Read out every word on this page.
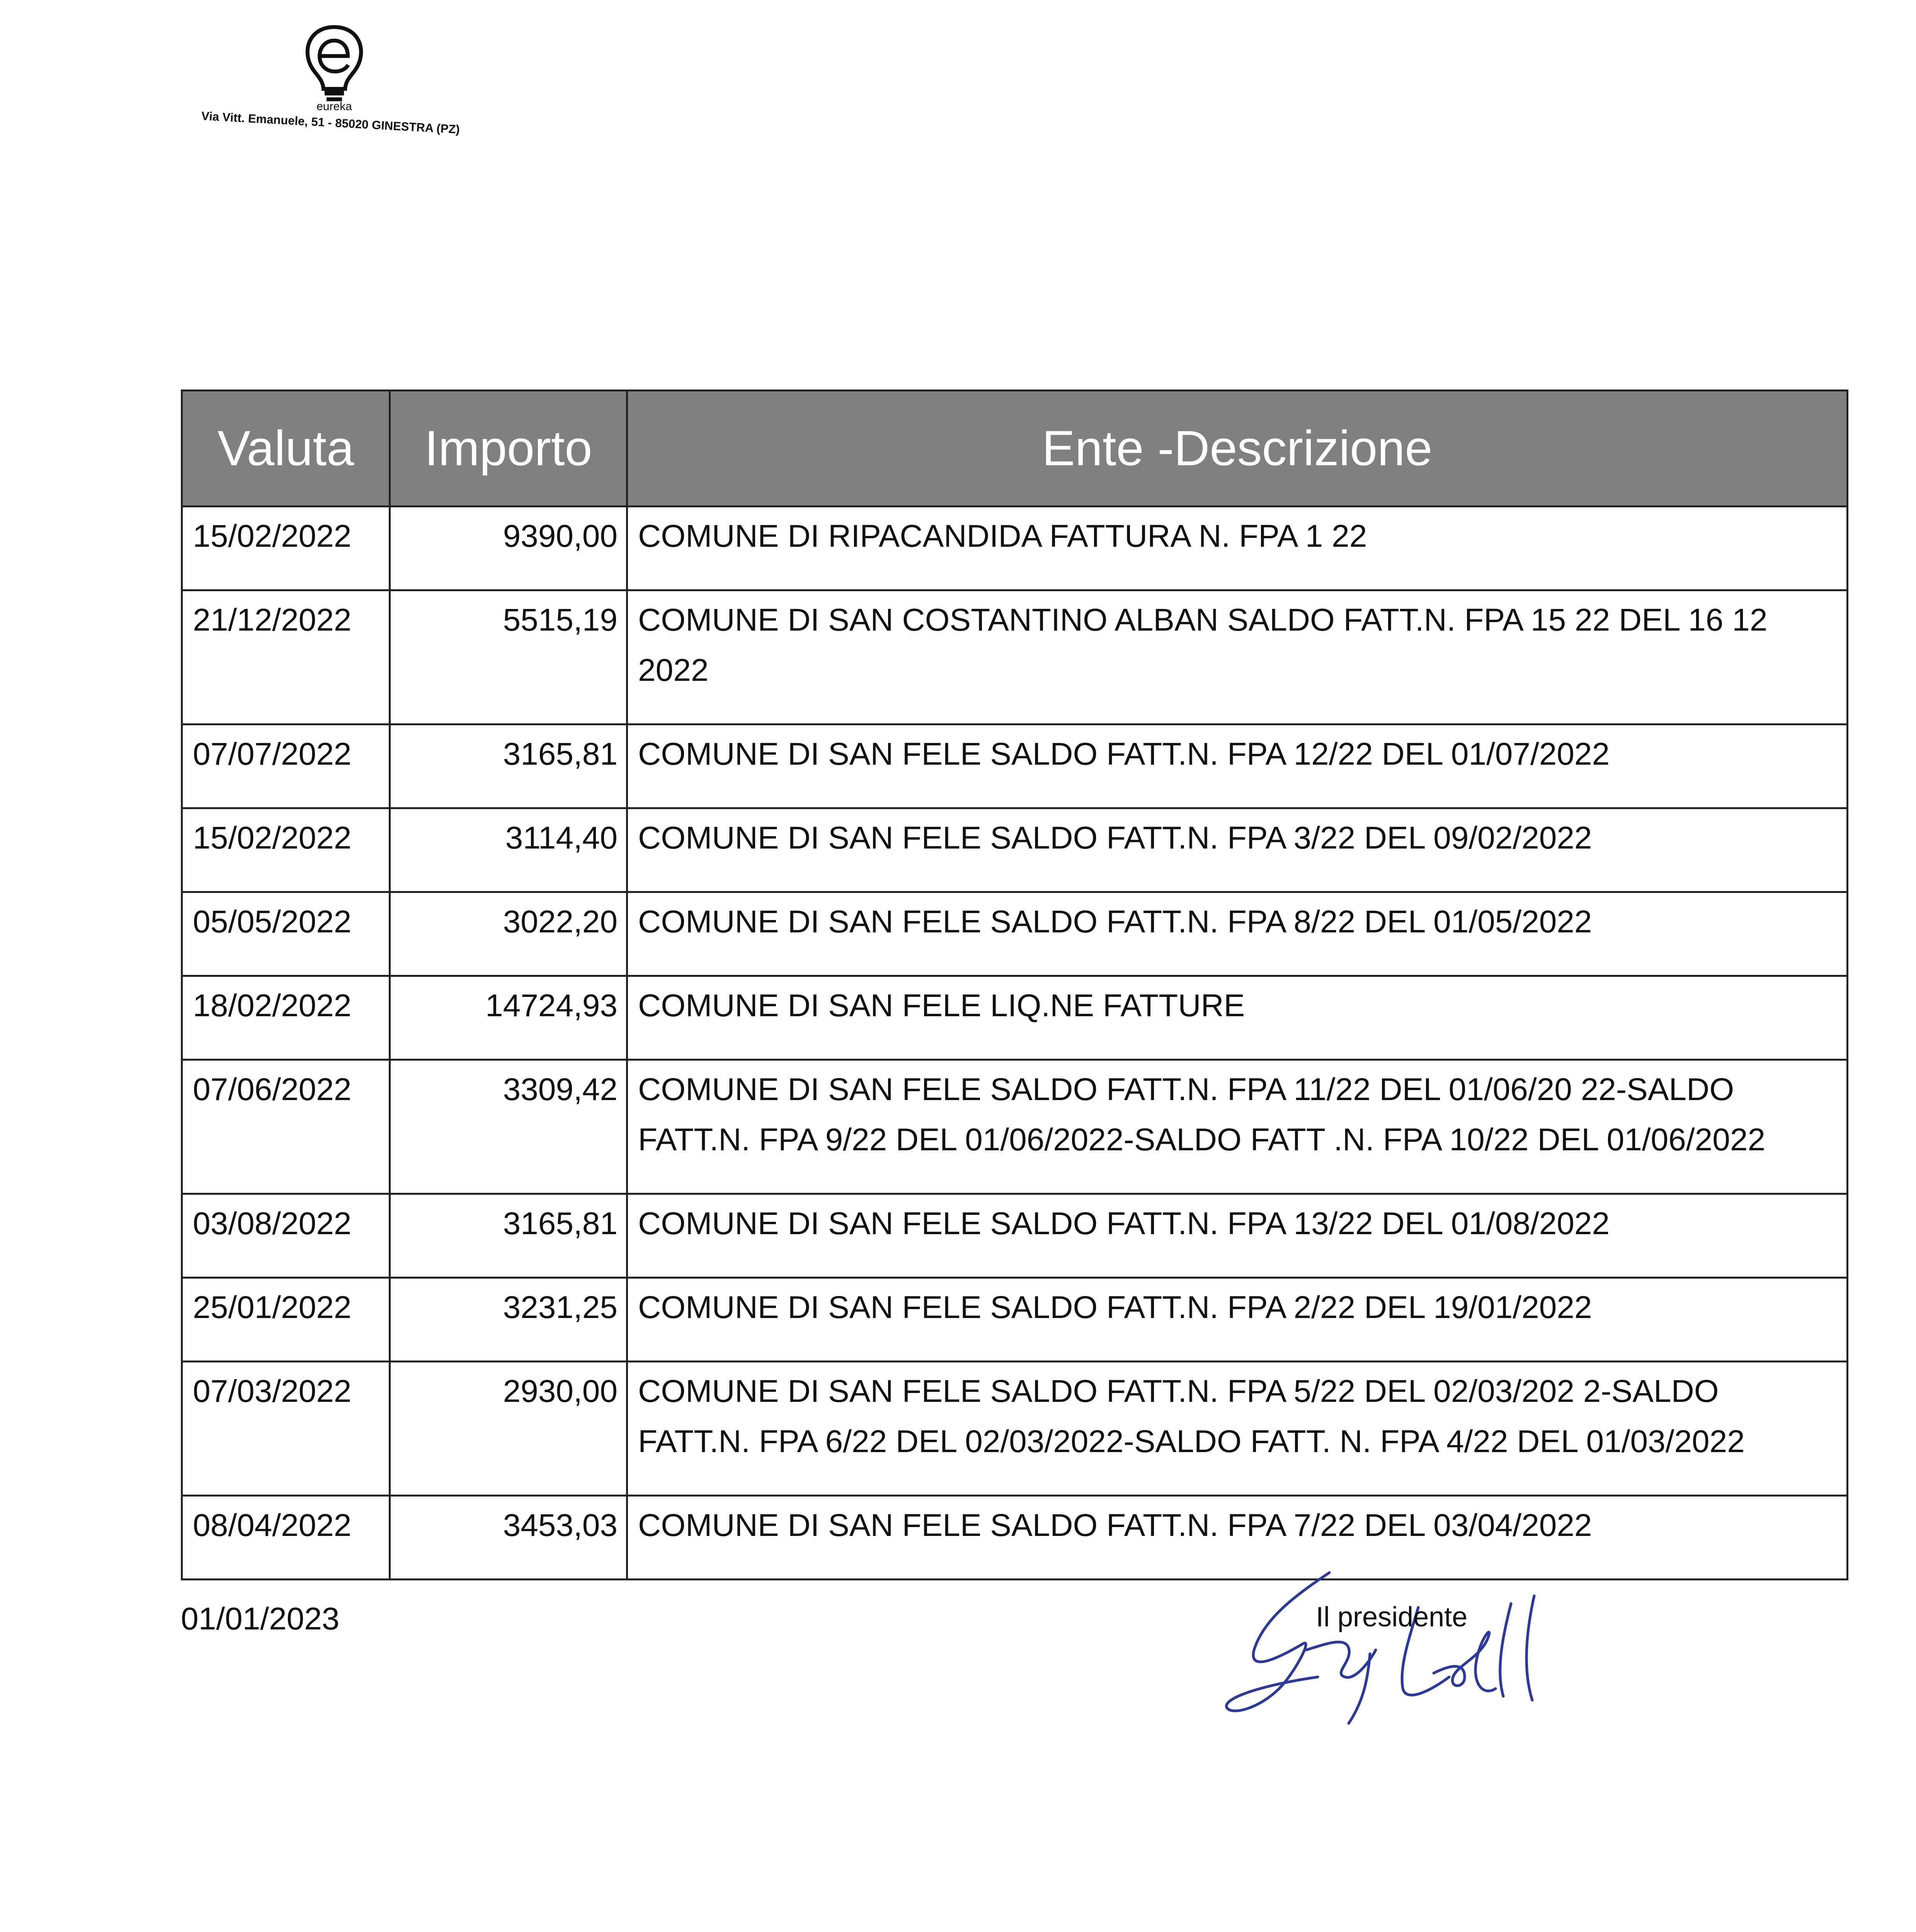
eureka
Via Vitt. Emanuele, 51 - 85020 GINESTRA (PZ)
Valuta	Importo	Ente -Descrizione
15/02/2022	9390,00	COMUNE DI RIPACANDIDA FATTURA N. FPA 1 22
21/12/2022	5515,19	COMUNE DI SAN COSTANTINO ALBAN SALDO FATT.N. FPA 15 22 DEL 16 12 2022
07/07/2022	3165,81	COMUNE DI SAN FELE SALDO FATT.N. FPA 12/22 DEL 01/07/2022
15/02/2022	3114,40	COMUNE DI SAN FELE SALDO FATT.N. FPA 3/22 DEL 09/02/2022
05/05/2022	3022,20	COMUNE DI SAN FELE SALDO FATT.N. FPA 8/22 DEL 01/05/2022
18/02/2022	14724,93	COMUNE DI SAN FELE LIQ.NE FATTURE
07/06/2022	3309,42	COMUNE DI SAN FELE SALDO FATT.N. FPA 11/22 DEL 01/06/20 22-SALDO FATT.N. FPA 9/22 DEL 01/06/2022-SALDO FATT .N. FPA 10/22 DEL 01/06/2022
03/08/2022	3165,81	COMUNE DI SAN FELE SALDO FATT.N. FPA 13/22 DEL 01/08/2022
25/01/2022	3231,25	COMUNE DI SAN FELE SALDO FATT.N. FPA 2/22 DEL 19/01/2022
07/03/2022	2930,00	COMUNE DI SAN FELE SALDO FATT.N. FPA 5/22 DEL 02/03/202 2-SALDO FATT.N. FPA 6/22 DEL 02/03/2022-SALDO FATT. N. FPA 4/22 DEL 01/03/2022
08/04/2022	3453,03	COMUNE DI SAN FELE SALDO FATT.N. FPA 7/22 DEL 03/04/2022
01/01/2023	Il presidente
